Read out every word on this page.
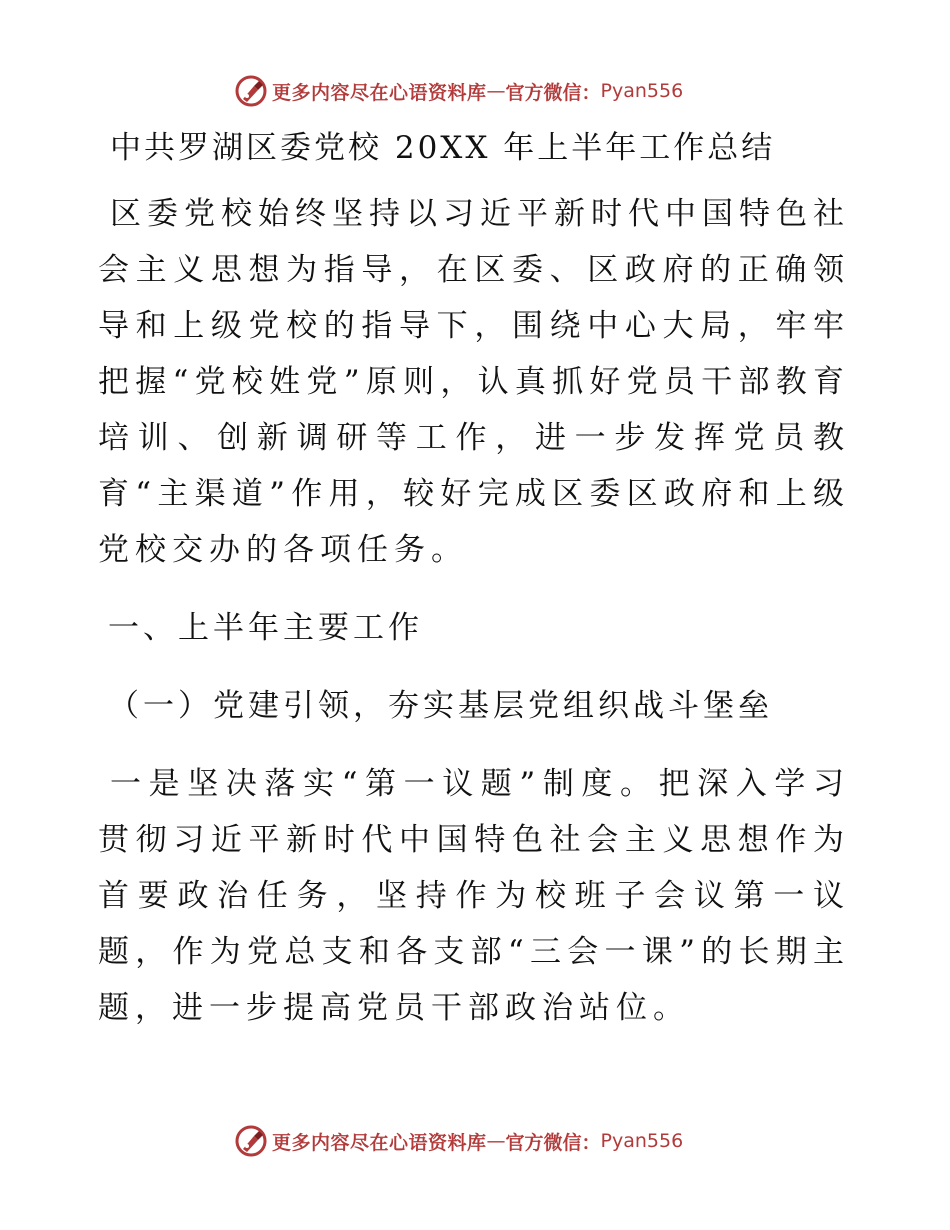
更多内容尽在心语资料库 — 官方微信： Pyan556
中共罗湖区委党校 20XX 年上半年工作总结

区委党校始终坚持以习近平新时代中国特色社会主义思想为指导，在区委、区政府的正确领导和上级党校的指导下，围绕中心大局，牢牢把握“党校姓党”原则，认真抓好党员干部教育培训、创新调研等工作，进一步发挥党员教育“主渠道”作用，较好完成区委区政府和上级党校交办的各项任务。

一、上半年主要工作
（一）党建引领，夯实基层党组织战斗堡垒

一是坚决落实“第一议题”制度。把深入学习贯彻习近平新时代中国特色社会主义思想作为首要政治任务，坚持作为校班子会议第一议题，作为党总支和各支部“三会一课”的长期主题，进一步提高党员干部政治站位。

更多内容尽在心语资料库 — 官方微信： Pyan556
